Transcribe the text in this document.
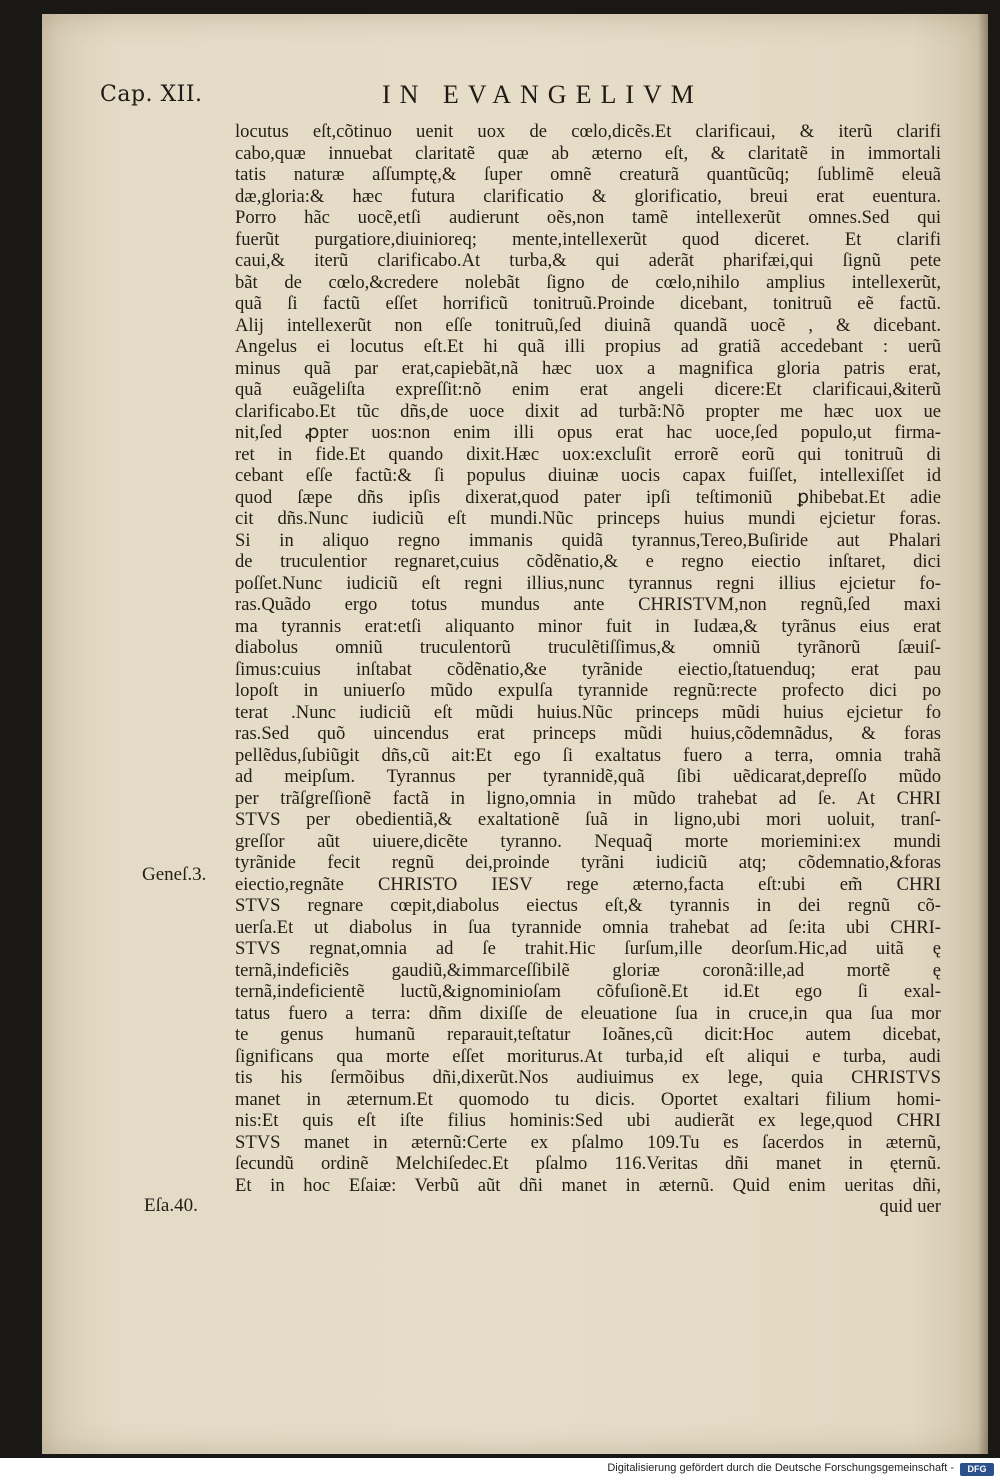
Cap. XII.	IN EVANGELIVM
locutus eſt,cõtinuo uenit uox de cœlo,dicẽs.Et clarificaui, & iterũ clarifi
cabo,quæ innuebat claritatẽ quæ ab æterno eſt, & claritatẽ in immortali
tatis naturæ aſſumptę,& ſuper omnẽ creaturã quantũcũq; ſublimẽ eleuã
dæ,gloria:& hæc futura clarificatio & glorificatio, breui erat euentura.
Porro hãc uocẽ,etſi audierunt oẽs,non tamẽ intellexerũt omnes.Sed qui
fuerũt purgatiore,diuinioreq; mente,intellexerũt quod diceret. Et clarifi
caui,& iterũ clarificabo.At turba,& qui aderãt pharifæi,qui ſignũ pete
bãt de cœlo,&credere nolebãt ſigno de cœlo,nihilo amplius intellexerũt,
quã ſi factũ eſſet horrificũ tonitruũ.Proinde dicebant, tonitruũ eẽ factũ.
Alij intellexerũt non eſſe tonitruũ,ſed diuinã quandã uocẽ , & dicebant.
Angelus ei locutus eſt.Et hi quã illi propius ad gratiã accedebant : uerũ
minus quã par erat,capiebãt,nã hæc uox a magnifica gloria patris erat,
quã euãgeliſta expreſſit:nõ enim erat angeli dicere:Et clarificaui,&iterũ
clarificabo.Et tũc dñs,de uoce dixit ad turbã:Nõ propter me hæc uox ue
nit,ſed ꝓpter uos:non enim illi opus erat hac uoce,ſed populo,ut firma-
ret in fide.Et quando dixit.Hæc uox:excluſit errorẽ eorũ qui tonitruũ di
cebant eſſe factũ:& ſi populus diuinæ uocis capax fuiſſet, intellexiſſet id
quod ſæpe dñs ipſis dixerat,quod pater ipſi teſtimoniũ ꝑhibebat.Et adie
cit dñs.Nunc iudiciũ eſt mundi.Nũc princeps huius mundi ejcietur foras.
Si in aliquo regno immanis quidã tyrannus,Tereo,Buſiride aut Phalari
de truculentior regnaret,cuius cõdẽnatio,& e regno eiectio inſtaret, dici
poſſet.Nunc iudiciũ eſt regni illius,nunc tyrannus regni illius ejcietur fo-
ras.Quãdo ergo totus mundus ante CHRISTVM,non regnũ,ſed maxi
ma tyrannis erat:etſi aliquanto minor fuit in Iudæa,& tyrãnus eius erat
diabolus omniũ truculentorũ truculẽtiſſimus,& omniũ tyrãnorũ ſæuiſ-
ſimus:cuius inſtabat cõdẽnatio,&e tyrãnide eiectio,ſtatuenduq; erat pau
lopoſt in uniuerſo mũdo expulſa tyrannide regnũ:recte profecto dici po
terat .Nunc iudiciũ eſt mũdi huius.Nũc princeps mũdi huius ejcietur fo
ras.Sed quõ uincendus erat princeps mũdi huius,cõdemnãdus, & foras
pellẽdus,ſubiũgit dñs,cũ ait:Et ego ſi exaltatus fuero a terra, omnia trahã
ad meipſum. Tyrannus per tyrannidẽ,quã ſibi uẽdicarat,depreſſo mũdo
per trãſgreſſionẽ factã in ligno,omnia in mũdo trahebat ad ſe. At CHRI
STVS per obedientiã,& exaltationẽ ſuã in ligno,ubi mori uoluit, tranſ-
greſſor aũt uiuere,dicẽte tyranno. Nequaq̃ morte moriemini:ex mundi
tyrãnide fecit regnũ dei,proinde tyrãni iudiciũ atq; cõdemnatio,&foras
eiectio,regnãte CHRISTO IESV rege æterno,facta eſt:ubi em̃ CHRI
STVS regnare cœpit,diabolus eiectus eſt,& tyrannis in dei regnũ cõ-
uerſa.Et ut diabolus in ſua tyrannide omnia trahebat ad ſe:ita ubi CHRI-
STVS regnat,omnia ad ſe trahit.Hic ſurſum,ille deorſum.Hic,ad uitã ę
ternã,indeficiẽs gaudiũ,&immarceſſibilẽ gloriæ coronã:ille,ad mortẽ ę
ternã,indeficientẽ luctũ,&ignominioſam cõfuſionẽ.Et id.Et ego ſi exal-
tatus fuero a terra: dñm dixiſſe de eleuatione ſua in cruce,in qua ſua mor
te genus humanũ reparauit,teſtatur Ioãnes,cũ dicit:Hoc autem dicebat,
ſignificans qua morte eſſet moriturus.At turba,id eſt aliqui e turba, audi
tis his ſermõibus dñi,dixerũt.Nos audiuimus ex lege, quia CHRISTVS
manet in æternum.Et quomodo tu dicis. Oportet exaltari filium homi-
nis:Et quis eſt iſte filius hominis:Sed ubi audierãt ex lege,quod CHRI
STVS manet in æternũ:Certe ex pſalmo 109.Tu es ſacerdos in æternũ,
ſecundũ ordinẽ Melchiſedec.Et pſalmo 116.Veritas dñi manet in ęternũ.
Et in hoc Eſaiæ: Verbũ aũt dñi manet in æternũ. Quid enim ueritas dñi,
quid uer
Geneſ.3.
Eſa.40.
Digitalisierung gefördert durch die Deutsche Forschungsgemeinschaft -	DFG
